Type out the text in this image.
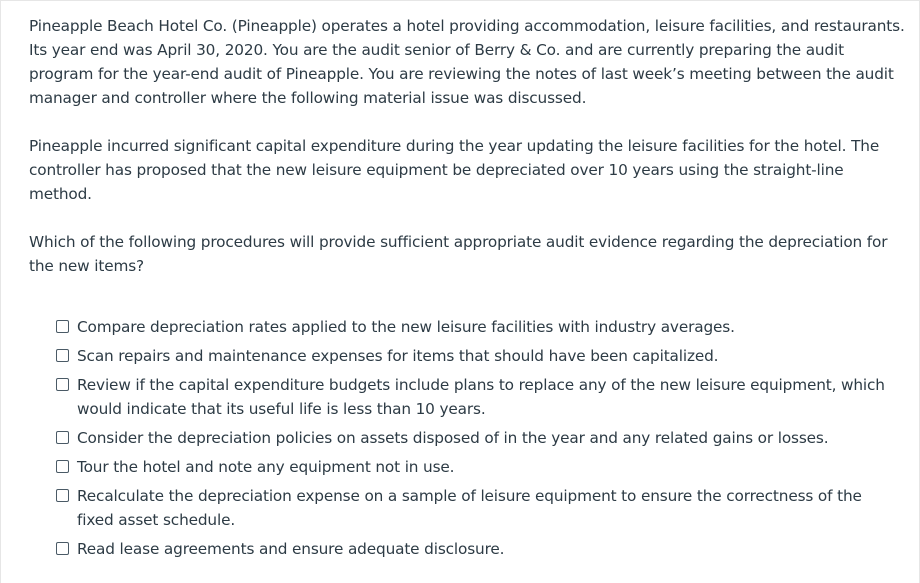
Pineapple Beach Hotel Co. (Pineapple) operates a hotel providing accommodation, leisure facilities, and restaurants. Its year end was April 30, 2020. You are the audit senior of Berry & Co. and are currently preparing the audit program for the year-end audit of Pineapple. You are reviewing the notes of last week’s meeting between the audit manager and controller where the following material issue was discussed.

Pineapple incurred significant capital expenditure during the year updating the leisure facilities for the hotel. The controller has proposed that the new leisure equipment be depreciated over 10 years using the straight-line method.

Which of the following procedures will provide sufficient appropriate audit evidence regarding the depreciation for the new items?

Compare depreciation rates applied to the new leisure facilities with industry averages.
Scan repairs and maintenance expenses for items that should have been capitalized.
Review if the capital expenditure budgets include plans to replace any of the new leisure equipment, which would indicate that its useful life is less than 10 years.
Consider the depreciation policies on assets disposed of in the year and any related gains or losses.
Tour the hotel and note any equipment not in use.
Recalculate the depreciation expense on a sample of leisure equipment to ensure the correctness of the fixed asset schedule.
Read lease agreements and ensure adequate disclosure.
